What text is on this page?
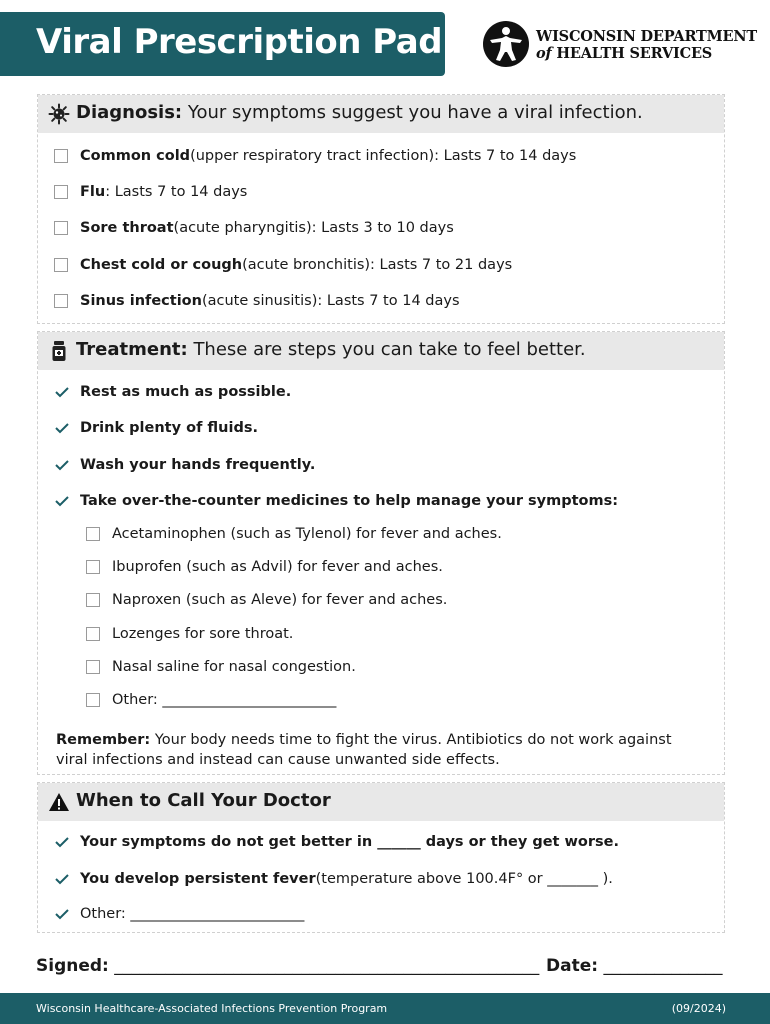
Viral Prescription Pad	WISCONSIN DEPARTMENT
of HEALTH SERVICES
Diagnosis: Your symptoms suggest you have a viral infection.
Common cold (upper respiratory tract infection): Lasts 7 to 14 days
Flu : Lasts 7 to 14 days
Sore throat (acute pharyngitis): Lasts 3 to 10 days
Chest cold or cough (acute bronchitis): Lasts 7 to 21 days
Sinus infection (acute sinusitis): Lasts 7 to 14 days
Treatment: These are steps you can take to feel better.
Rest as much as possible.
Drink plenty of fluids.
Wash your hands frequently.
Take over-the-counter medicines to help manage your symptoms:
Acetaminophen (such as Tylenol) for fever and aches.
Ibuprofen (such as Advil) for fever and aches.
Naproxen (such as Aleve) for fever and aches.
Lozenges for sore throat.
Nasal saline for nasal congestion.
Other: ________________________
Remember: Your body needs time to fight the virus. Antibiotics do not work against viral infections and instead can cause unwanted side effects.
When to Call Your Doctor
Your symptoms do not get better in ______ days or they get worse.
You develop persistent fever (temperature above 100.4F° or _______ ).
Other: ________________________
Signed: __________________________________________________ Date: ______________
Wisconsin Healthcare-Associated Infections Prevention Program	(09/2024)
